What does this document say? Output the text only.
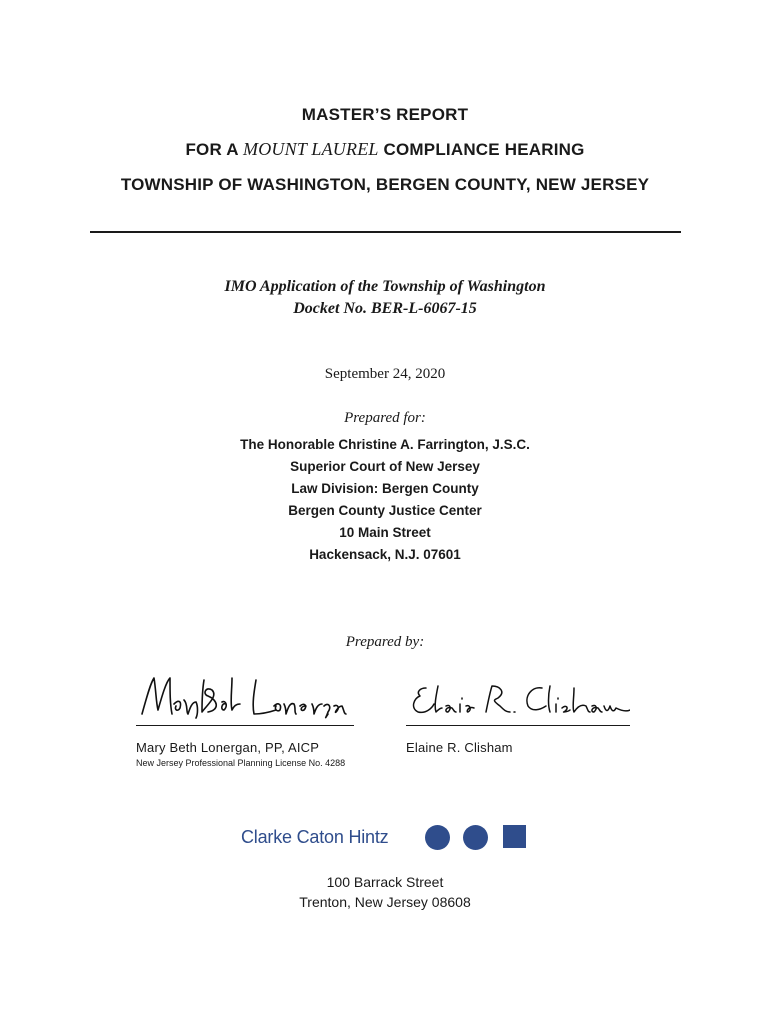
MASTER’S REPORT
FOR A MOUNT LAUREL COMPLIANCE HEARING
TOWNSHIP OF WASHINGTON, BERGEN COUNTY, NEW JERSEY
IMO Application of the Township of Washington
Docket No. BER-L-6067-15
September 24, 2020
Prepared for:
The Honorable Christine A. Farrington, J.S.C.
Superior Court of New Jersey
Law Division: Bergen County
Bergen County Justice Center
10 Main Street
Hackensack, N.J. 07601
Prepared by:
Mary Beth Lonergan, PP, AICP
New Jersey Professional Planning License No. 4288
Elaine R. Clisham
Clarke Caton Hintz
100 Barrack Street
Trenton, New Jersey 08608
